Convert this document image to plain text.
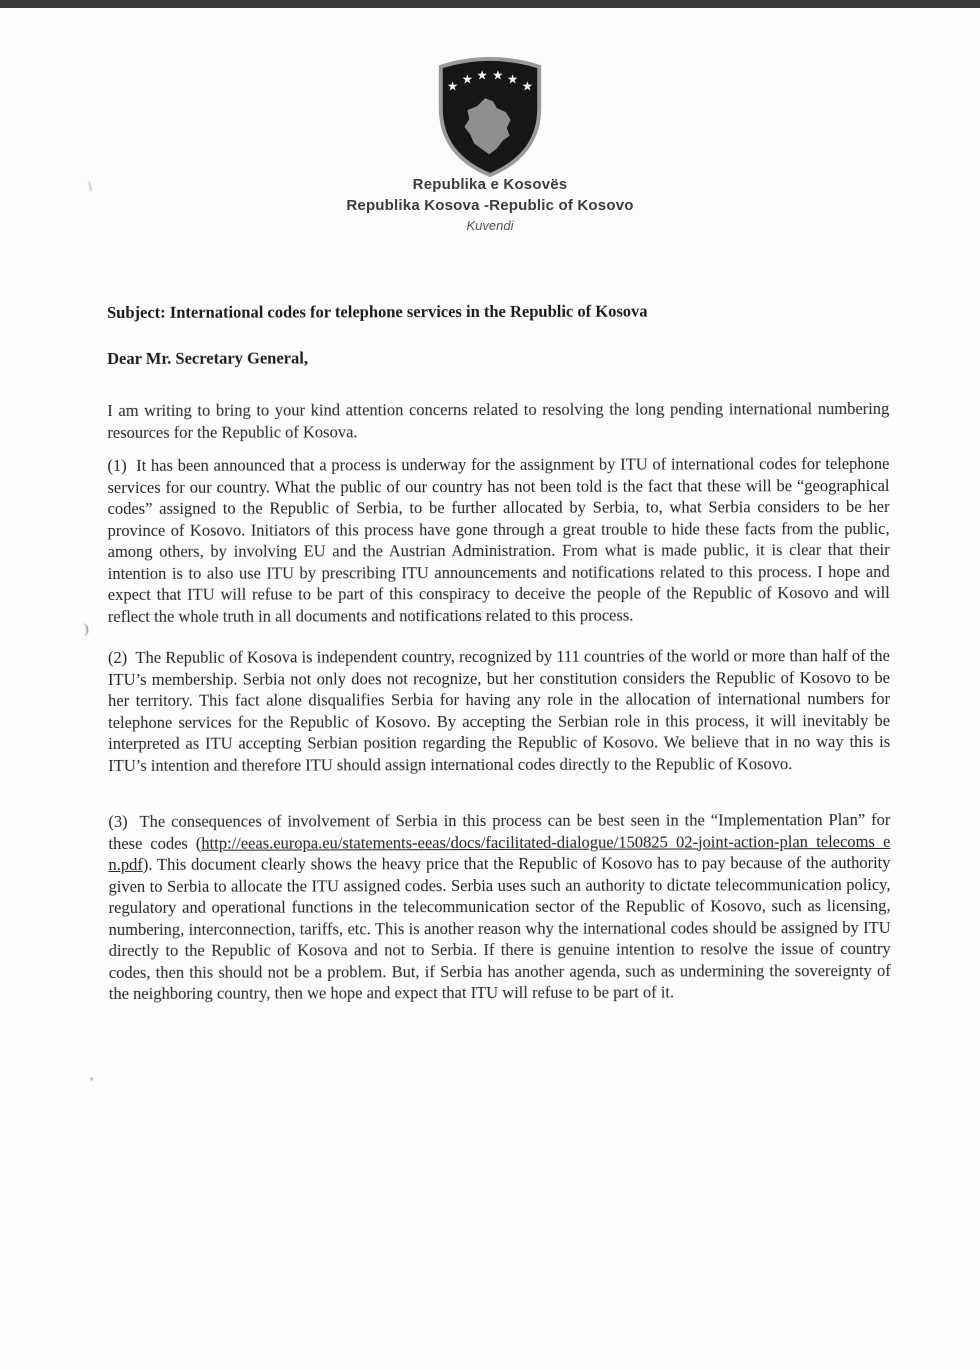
★ ★ ★ ★ ★ ★
Republika e Kosovës
Republika Kosova -Republic of Kosovo
Kuvendi
Subject: International codes for telephone services in the Republic of Kosova
Dear Mr. Secretary General,

I am writing to bring to your kind attention concerns related to resolving the long pending international numbering resources for the Republic of Kosova.

(1)  It has been announced that a process is underway for the assignment by ITU of international codes for telephone services for our country. What the public of our country has not been told is the fact that these will be “geographical codes” assigned to the Republic of Serbia, to be further allocated by Serbia, to, what Serbia considers to be her province of Kosovo. Initiators of this process have gone through a great trouble to hide these facts from the public, among others, by involving EU and the Austrian Administration. From what is made public, it is clear that their intention is to also use ITU by prescribing ITU announcements and notifications related to this process. I hope and expect that ITU will refuse to be part of this conspiracy to deceive the people of the Republic of Kosovo and will reflect the whole truth in all documents and notifications related to this process.

(2)  The Republic of Kosova is independent country, recognized by 111 countries of the world or more than half of the ITU’s membership. Serbia not only does not recognize, but her constitution considers the Republic of Kosovo to be her territory. This fact alone disqualifies Serbia for having any role in the allocation of international numbers for telephone services for the Republic of Kosovo. By accepting the Serbian role in this process, it will inevitably be interpreted as ITU accepting Serbian position regarding the Republic of Kosovo. We believe that in no way this is ITU’s intention and therefore ITU should assign international codes directly to the Republic of Kosovo.

(3)  The consequences of involvement of Serbia in this process can be best seen in the “Implementation Plan” for these codes (http://eeas.europa.eu/statements-eeas/docs/facilitated-dialogue/150825_02-joint-action-plan_telecoms_en.pdf). This document clearly shows the heavy price that the Republic of Kosovo has to pay because of the authority given to Serbia to allocate the ITU assigned codes. Serbia uses such an authority to dictate telecommunication policy, regulatory and operational functions in the telecommunication sector of the Republic of Kosovo, such as licensing, numbering, interconnection, tariffs, etc. This is another reason why the international codes should be assigned by ITU directly to the Republic of Kosova and not to Serbia. If there is genuine intention to resolve the issue of country codes, then this should not be a problem. But, if Serbia has another agenda, such as undermining the sovereignty of the neighboring country, then we hope and expect that ITU will refuse to be part of it.

\
)
,
